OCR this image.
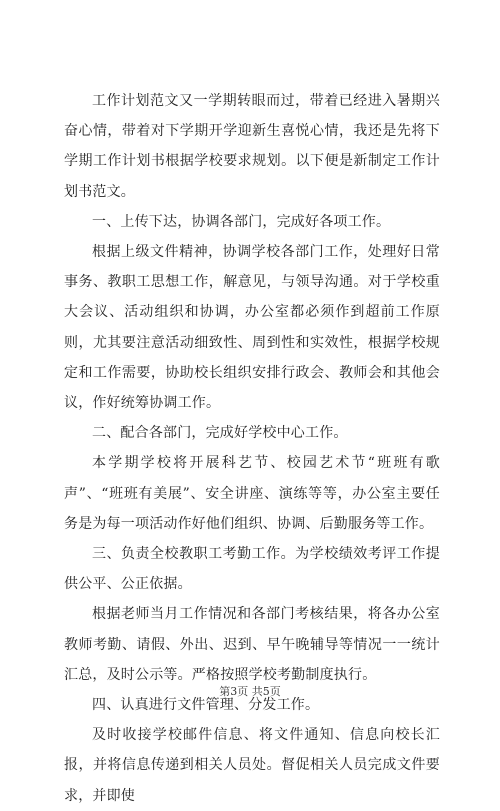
工作计划范文又一学期转眼而过，带着已经进入暑期兴奋心情，带着对下学期开学迎新生喜悦心情，我还是先将下学期工作计划书根据学校要求规划。以下便是新制定工作计划书范文。

一、上传下达，协调各部门，完成好各项工作。

根据上级文件精神，协调学校各部门工作，处理好日常事务、教职工思想工作，解意见，与领导沟通。对于学校重大会议、活动组织和协调，办公室都必须作到超前工作原则，尤其要注意活动细致性、周到性和实效性，根据学校规定和工作需要，协助校长组织安排行政会、教师会和其他会议，作好统筹协调工作。

二、配合各部门，完成好学校中心工作。

本学期学校将开展科艺节、校园艺术节“班班有歌声”、“班班有美展”、安全讲座、演练等等，办公室主要任务是为每一项活动作好他们组织、协调、后勤服务等工作。

三、负责全校教职工考勤工作。为学校绩效考评工作提供公平、公正依据。

根据老师当月工作情况和各部门考核结果，将各办公室教师考勤、请假、外出、迟到、早午晚辅导等情况一一统计汇总，及时公示等。严格按照学校考勤制度执行。

四、认真进行文件管理、分发工作。

及时收接学校邮件信息、将文件通知、信息向校长汇报，并将信息传递到相关人员处。督促相关人员完成文件要求，并即使

第3页 共5页
